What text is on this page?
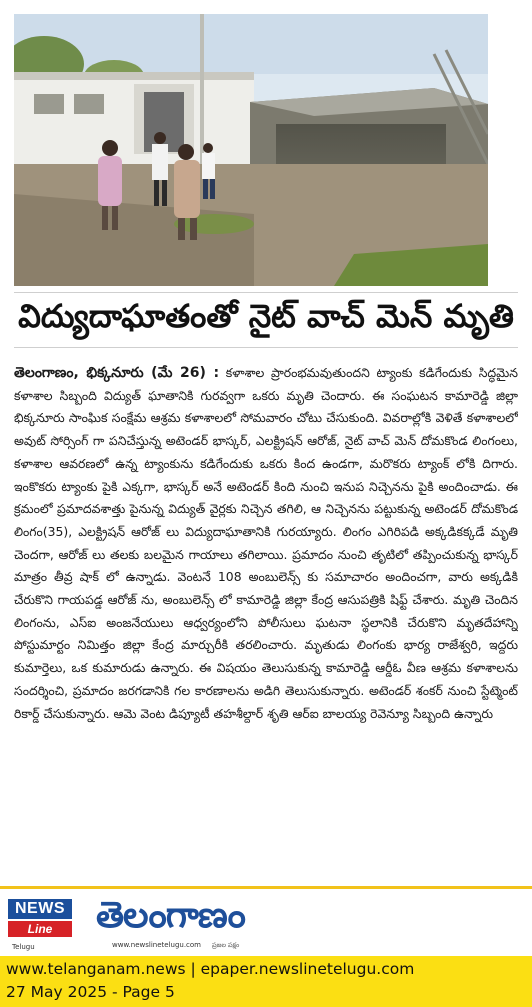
విద్యుదాఘాతంతో నైట్ వాచ్ మెన్ మృతి
తెలంగాణం, భిక్కనూరు (మే 26) : కళాశాల ప్రారంభమవుతుందని ట్యాంకు కడిగేందుకు సిద్ధమైన కళాశాల సిబ్బంది విద్యుత్ ఘాతానికి గురవ్వగా ఒకరు మృతి చెందారు. ఈ సంఘటన కామారెడ్డి జిల్లా భిక్కనూరు సాంఘిక సంక్షేమ ఆశ్రమ కళాశాలలో సోమవారం చోటు చేసుకుంది. వివరాల్లోకి వెళితే కళాశాలలో అవుట్ సోర్సింగ్ గా పనిచేస్తున్న అటెండర్ భాస్కర్, ఎలక్ట్రిషన్ ఆరోజ్, నైట్ వాచ్ మెన్ దోమకొండ లింగంలు, కళాశాల ఆవరణలో ఉన్న ట్యాంకును కడిగేందుకు ఒకరు కింద ఉండగా, మరొకరు ట్యాంక్ లోకి దిగారు. ఇంకొకరు ట్యాంకు పైకి ఎక్కగా, భాస్కర్ అనే అటెండర్ కింది నుంచి ఇనుప నిచ్చెనను పైకి అందించాడు. ఈ క్రమంలో ప్రమాదవశాత్తు పైనున్న విద్యుత్ వైర్లకు నిచ్చెన తగిలి, ఆ నిచ్చెనను పట్టుకున్న అటెండర్ దోమకొండ లింగం(35), ఎలక్ట్రిషన్ ఆరోజ్ లు విద్యుదాఘాతానికి గురయ్యారు. లింగం ఎగిరిపడి అక్కడికక్కడే మృతి చెందగా, ఆరోజ్ లు తలకు బలమైన గాయాలు తగిలాయి. ప్రమాదం నుంచి తృటిలో తప్పించుకున్న భాస్కర్ మాత్రం తీవ్ర షాక్ లో ఉన్నాడు. వెంటనే 108 అంబులెన్స్ కు సమాచారం అందించగా, వారు అక్కడికి చేరుకొని గాయపడ్డ ఆరోజ్ ను, అంబులెన్స్ లో కామారెడ్డి జిల్లా కేంద్ర ఆసుపత్రికి షిఫ్ట్ చేశారు. మృతి చెందిన లింగంను, ఎస్ఐ అంజనేయులు ఆధ్వర్యంలోని పోలీసులు ఘటనా స్థలానికి చేరుకొని మృతదేహాన్ని పోస్టుమార్టం నిమిత్తం జిల్లా కేంద్ర మార్చురీకి తరలించారు. మృతుడు లింగంకు భార్య రాజేశ్వరి, ఇద్దరు కుమార్తెలు, ఒక కుమారుడు ఉన్నారు. ఈ విషయం తెలుసుకున్న కామారెడ్డి ఆర్డీఓ వీణ ఆశ్రమ కళాశాలను సందర్శించి, ప్రమాదం జరగడానికి గల కారణాలను అడిగి తెలుసుకున్నారు. అటెండర్ శంకర్ నుంచి స్టేట్మెంట్ రికార్డ్ చేసుకున్నారు. ఆమె వెంట డిప్యూటీ తహశీల్దార్ శృతి ఆర్ఐ బాలయ్య రెవెన్యూ సిబ్బంది ఉన్నారు
NEWS
Line
Telugu
తెలంగాణం
www.newslinetelugu.com ప్రజల పక్షం
www.telanganam.news | epaper.newslinetelugu.com
27 May 2025 - Page 5
